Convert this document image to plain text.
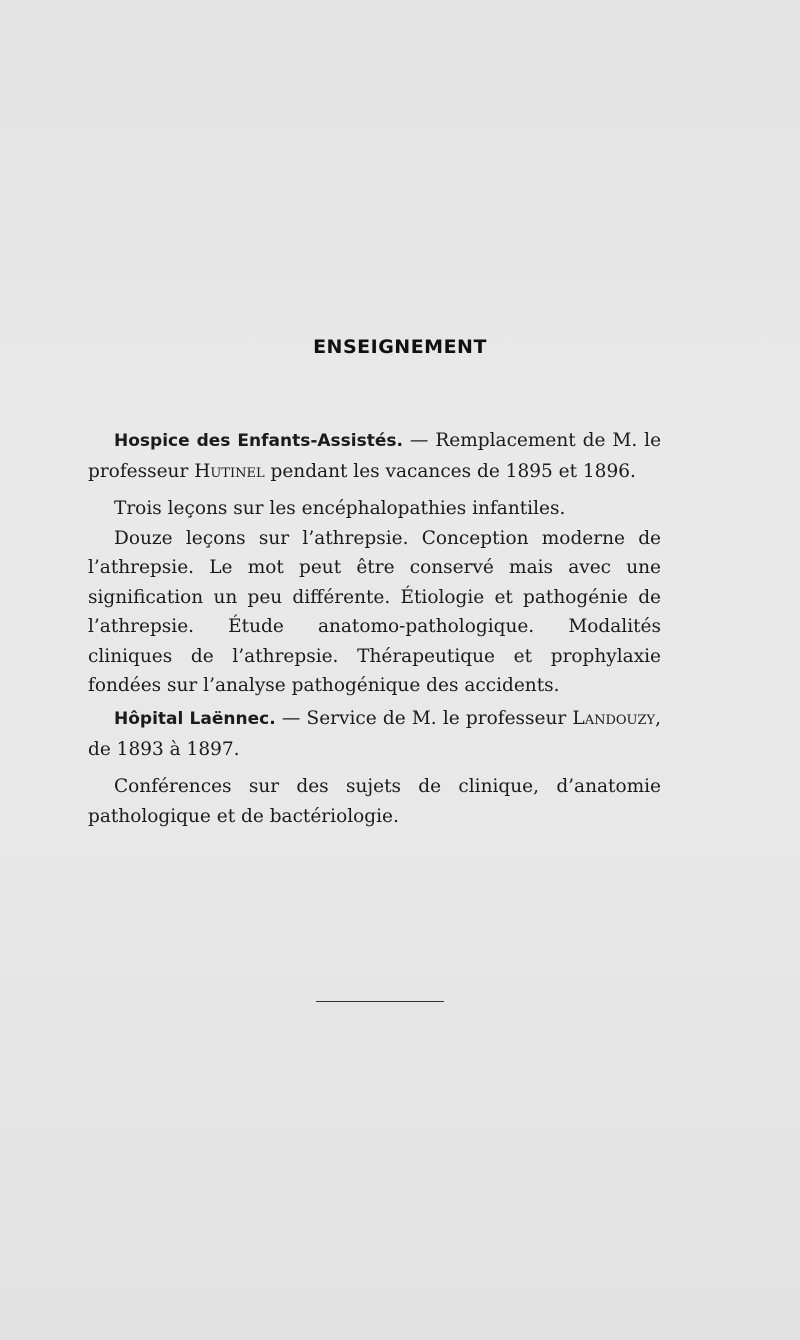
ENSEIGNEMENT

Hospice des Enfants-Assistés. — Remplacement de M. le professeur Hutinel pendant les vacances de 1895 et 1896.

Trois leçons sur les encéphalopathies infantiles.

Douze leçons sur l’athrepsie. Conception moderne de l’athrepsie. Le mot peut être conservé mais avec une signification un peu différente. Étiologie et pathogénie de l’athrepsie. Étude anatomo-pathologique. Modalités cliniques de l’athrepsie. Thérapeutique et prophylaxie fondées sur l’analyse pathogénique des accidents.

Hôpital Laënnec. — Service de M. le professeur Landouzy, de 1893 à 1897.

Conférences sur des sujets de clinique, d’anatomie pathologique et de bactériologie.
